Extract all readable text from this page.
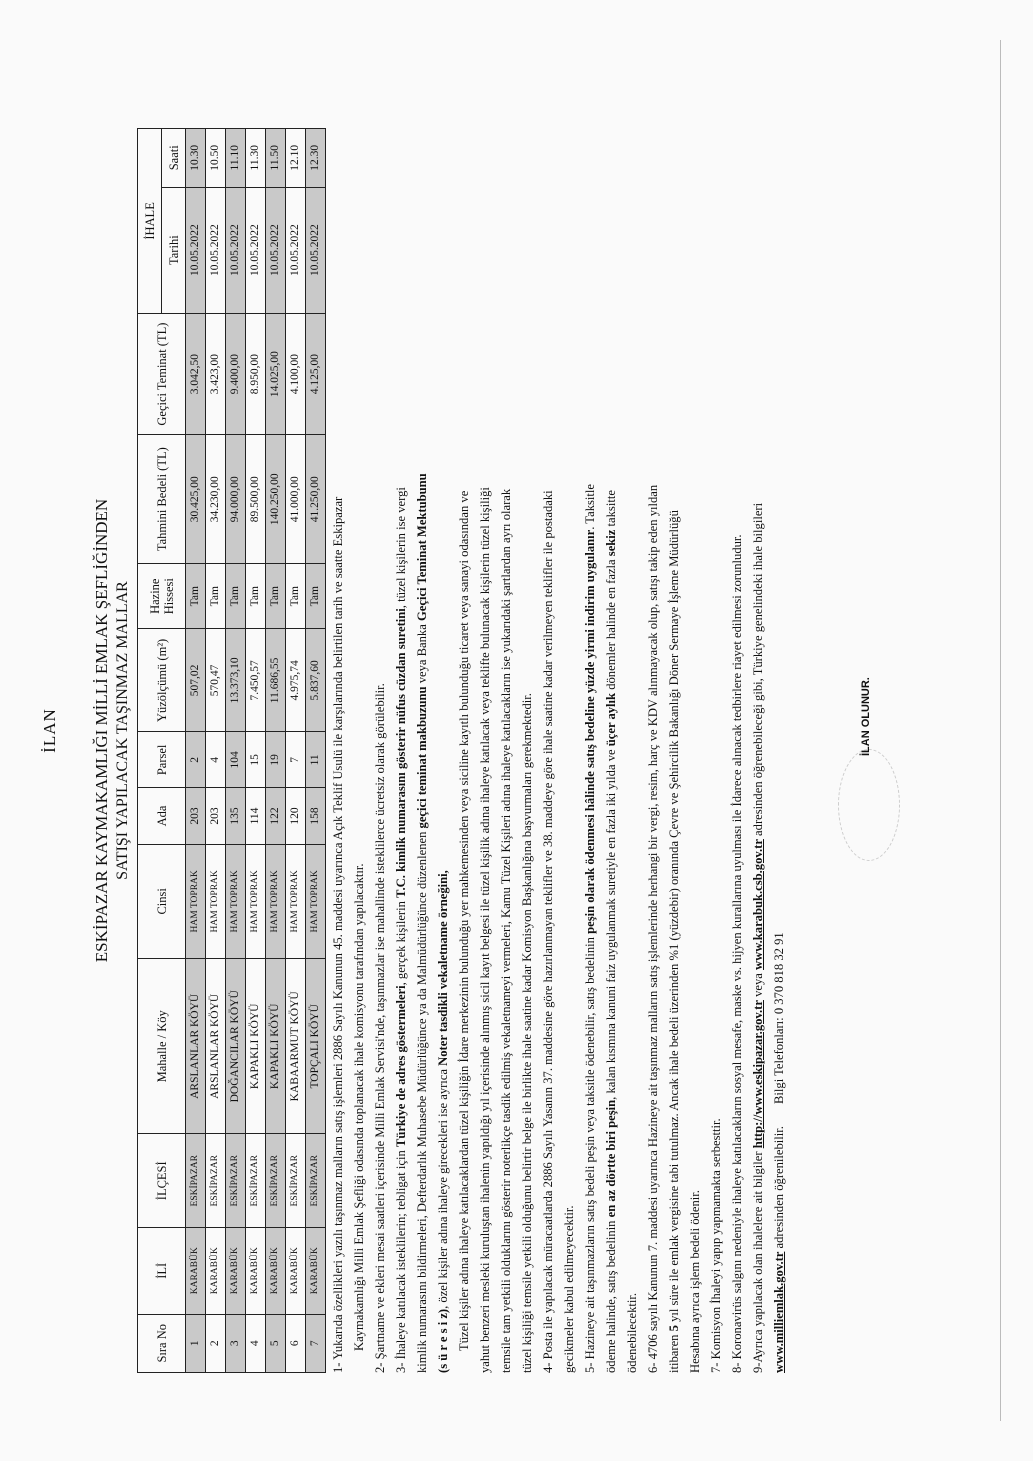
İLAN ESKİPAZAR KAYMAKAMLIĞI MİLLİ EMLAK ŞEFLİĞİNDEN SATIŞI YAPILACAK TAŞINMAZ MALLAR
Sıra No	İLİ	İLÇESİ	Mahalle / Köy	Cinsi	Ada	Parsel	Yüzölçümü (m²)	Hazine Hissesi	Tahmini Bedeli (TL)	Geçici Teminat (TL)	İHALE	
											Tarihi	Saati
1	KARABÜK	ESKİPAZAR	ARSLANLAR KÖYÜ	HAM TOPRAK	203	2	507,02	Tam	30.425,00	3.042,50	10.05.2022	10.30
2	KARABÜK	ESKİPAZAR	ARSLANLAR KÖYÜ	HAM TOPRAK	203	4	570,47	Tam	34.230,00	3.423,00	10.05.2022	10.50
3	KARABÜK	ESKİPAZAR	DOĞANCILAR KÖYÜ	HAM TOPRAK	135	104	13.373,10	Tam	94.000,00	9.400,00	10.05.2022	11.10
4	KARABÜK	ESKİPAZAR	KAPAKLI KÖYÜ	HAM TOPRAK	114	15	7.450,57	Tam	89.500,00	8.950,00	10.05.2022	11.30
5	KARABÜK	ESKİPAZAR	KAPAKLI KÖYÜ	HAM TOPRAK	122	19	11.686,55	Tam	140.250,00	14.025,00	10.05.2022	11.50
6	KARABÜK	ESKİPAZAR	KABAARMUT KÖYÜ	HAM TOPRAK	120	7	4.975,74	Tam	41.000,00	4.100,00	10.05.2022	12.10
7	KARABÜK	ESKİPAZAR	TOPÇALI KÖYÜ	HAM TOPRAK	158	11	5.837,60	Tam	41.250,00	4.125,00	10.05.2022	12.30

1- Yukarıda özellikleri yazılı taşınmaz malların satış işlemleri 2886 Sayılı Kanunun 45. maddesi uyarınca Açık Teklif Usulü ile karşılarında belirtilen tarih ve saatte Eskipazar Kaymakamlığı Milli Emlak Şefliği odasında toplanacak ihale komisyonu tarafından yapılacaktır. 2- Şartname ve ekleri mesai saatleri içerisinde Milli Emlak Servisi'nde, taşınmazlar ise mahallinde isteklilerce ücretsiz olarak görülebilir. 3- İhaleye katılacak isteklilerin; tebligat için Türkiye de adres göstermeleri, gerçek kişilerin T.C. kimlik numarasını gösterir nüfus cüzdan suretini, tüzel kişilerin ise vergi

kimlik numarasını bildirmeleri, Defterdarlık Muhasebe Müdürlüğünce ya da Malmüdürlüğünce düzenlenen geçici teminat makbuzunu veya Banka Geçici Teminat Mektubunu

(s ü r e s i z), özel kişiler adına ihaleye girecekleri ise ayrıca Noter tasdikli vekaletname örneğini, Tüzel kişiler adına ihaleye katılacaklardan tüzel kişiliğin İdare merkezinin bulunduğu yer mahkemesinden veya siciline kayıtlı bulunduğu ticaret veya sanayi odasından ve yahut benzeri mesleki kuruluştan ihalenin yapıldığı yıl içerisinde alınmış sicil kayıt belgesi ile tüzel kişilik adına ihaleye katılacak veya teklifte bulunacak kişilerin tüzel kişiliği temsile tam yetkili olduklarını gösterir noterlikçe tasdik edilmiş vekaletnameyi vermeleri, Kamu Tüzel Kişileri adına ihaleye katılacakların ise yukarıdaki şartlardan ayrı olarak tüzel kişiliği temsile yetkili olduğunu belirtir belge ile birlikte ihale saatine kadar Komisyon Başkanlığına başvurmaları gerekmektedir. 4- Posta ile yapılacak müracaatlarda 2886 Sayılı Yasanın 37. maddesine göre hazırlanmayan teklifler ve 38. maddeye göre ihale saatine kadar verilmeyen teklifler ile postadaki gecikmeler kabul edilmeyecektir. 5- Hazineye ait taşınmazların satış bedeli peşin veya taksitle ödenebilir, satış bedelinin peşin olarak ödenmesi hâlinde satış bedeline yüzde yirmi indirim uygulanır. Taksitle

ödeme halinde, satış bedelinin en az dörtte biri peşin, kalan kısmına kanuni faiz uygulanmak suretiyle en fazla iki yılda ve üçer aylık dönemler halinde en fazla sekiz taksitte

ödenebilecektir. 6- 4706 sayılı Kanunun 7. maddesi uyarınca Hazineye ait taşınmaz malların satış işlemlerinde herhangi bir vergi, resim, harç ve KDV alınmayacak olup, satışı takip eden yıldan itibaren 5 yıl süre ile emlak vergisine tabi tutulmaz. Ancak ihale bedeli üzerinden %1 (yüzdebir) oranında Çevre ve Şehircilik Bakanlığı Döner Sermaye İşleme Müdürlüğü Hesabına ayrıca işlem bedeli ödenir. 7- Komisyon İhaleyi yapıp yapmamakta serbesttir. 8- Koronavirüs salgını nedeniyle ihaleye katılacakların sosyal mesafe, maske vs. hijyen kurallarına uyulması ile İdarece alınacak tedbirlere riayet edilmesi zorunludur. 9-Ayrıca yapılacak olan ihalelere ait bilgiler http://www.eskipazar.gov.tr veya www.karabuk.csb.gov.tr adresinden öğrenebileceği gibi, Türkiye genelindeki ihale bilgileri

www.milliemlak.gov.tr adresinden öğrenilebilir.       Bilgi Telefonları: 0 370 818 32 91

İLAN OLUNUR.
